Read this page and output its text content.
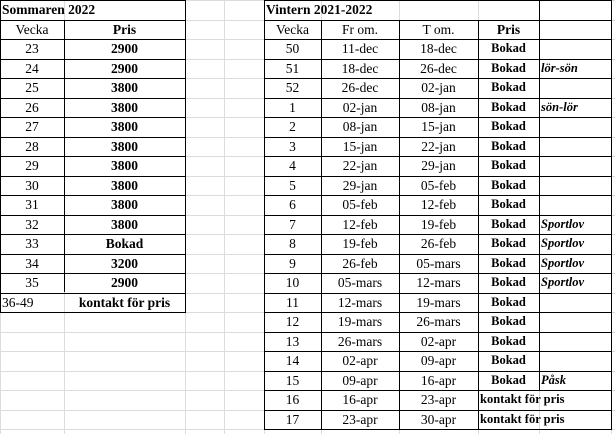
Sommaren 2022
Vecka	Pris
23	2900
24	2900
25	3800
26	3800
27	3800
28	3800
29	3800
30	3800
31	3800
32	3800
33	Bokad
34	3200
35	2900
36-49	kontakt för pris
Vintern 2021-2022
Vecka	Fr om.	T om.	Pris
50	11-dec	18-dec	Bokad
51	18-dec	26-dec	Bokad	lör-sön
52	26-dec	02-jan	Bokad
1	02-jan	08-jan	Bokad	sön-lör
2	08-jan	15-jan	Bokad
3	15-jan	22-jan	Bokad
4	22-jan	29-jan	Bokad
5	29-jan	05-feb	Bokad
6	05-feb	12-feb	Bokad
7	12-feb	19-feb	Bokad	Sportlov
8	19-feb	26-feb	Bokad	Sportlov
9	26-feb	05-mars	Bokad	Sportlov
10	05-mars	12-mars	Bokad	Sportlov
11	12-mars	19-mars	Bokad
12	19-mars	26-mars	Bokad
13	26-mars	02-apr	Bokad
14	02-apr	09-apr	Bokad
15	09-apr	16-apr	Bokad	Påsk
16	16-apr	23-apr	kontakt för pris
17	23-apr	30-apr	kontakt för pris
